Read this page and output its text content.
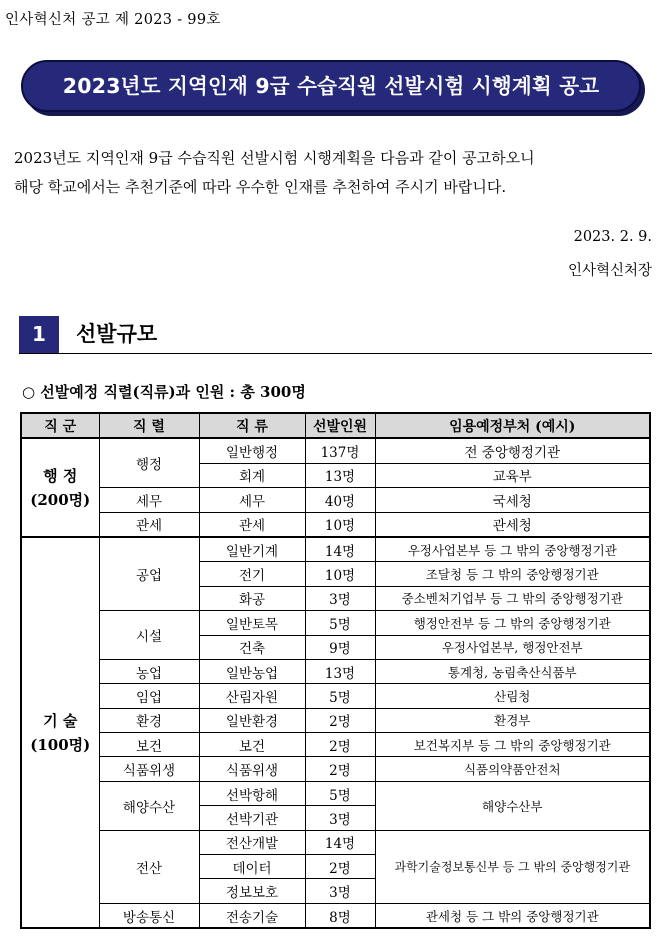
인사혁신처 공고 제 2023 - 99호
2023년도 지역인재 9급 수습직원 선발시험 시행계획 공고
2023년도 지역인재 9급 수습직원 선발시험 시행계획을 다음과 같이 공고하오니
해당 학교에서는 추천기준에 따라 우수한 인재를 추천하여 주시기 바랍니다.
2023. 2. 9.
인사혁신처장
1	선발규모
○ 선발예정 직렬(직류)과 인원 : 총 300명
직 군	직 렬	직 류	선발인원	임용예정부처 (예시)

행 정
(200명)	행정	일반행정	137명	전 중앙행정기관
		회계	13명	교육부
	세무	세무	40명	국세청
	관세	관세	10명	관세청

기 술
(100명)	공업	일반기계	14명	우정사업본부 등 그 밖의 중앙행정기관
		전기	10명	조달청 등 그 밖의 중앙행정기관
		화공	3명	중소벤처기업부 등 그 밖의 중앙행정기관
	시설	일반토목	5명	행정안전부 등 그 밖의 중앙행정기관
		건축	9명	우정사업본부, 행정안전부
	농업	일반농업	13명	통계청, 농림축산식품부
	임업	산림자원	5명	산림청
	환경	일반환경	2명	환경부
	보건	보건	2명	보건복지부 등 그 밖의 중앙행정기관
	식품위생	식품위생	2명	식품의약품안전처
	해양수산	선박항해	5명	해양수산부
		선박기관	3명	
	전산	전산개발	14명	과학기술정보통신부 등 그 밖의 중앙행정기관
		데이터	2명	
		정보보호	3명	
	방송통신	전송기술	8명	관세청 등 그 밖의 중앙행정기관
